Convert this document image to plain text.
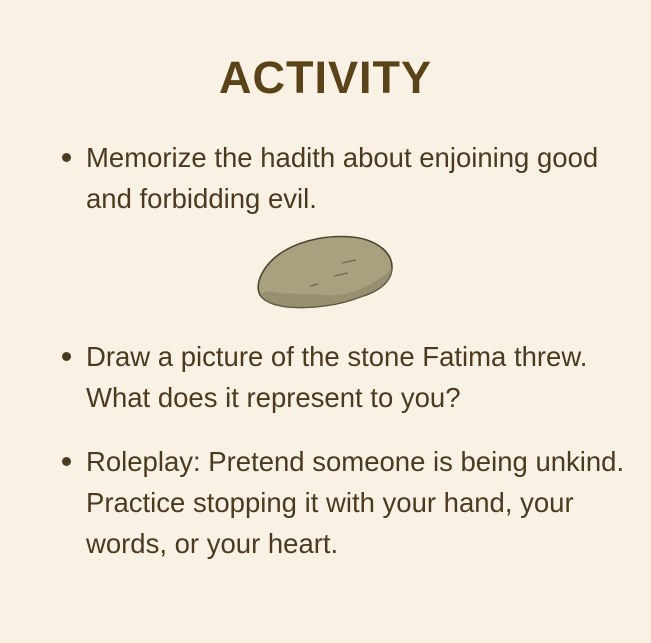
ACTIVITY
Memorize the hadith about enjoining good and forbidding evil.
Draw a picture of the stone Fatima threw. What does it represent to you?
Roleplay: Pretend someone is being unkind. Practice stopping it with your hand, your words, or your heart.
